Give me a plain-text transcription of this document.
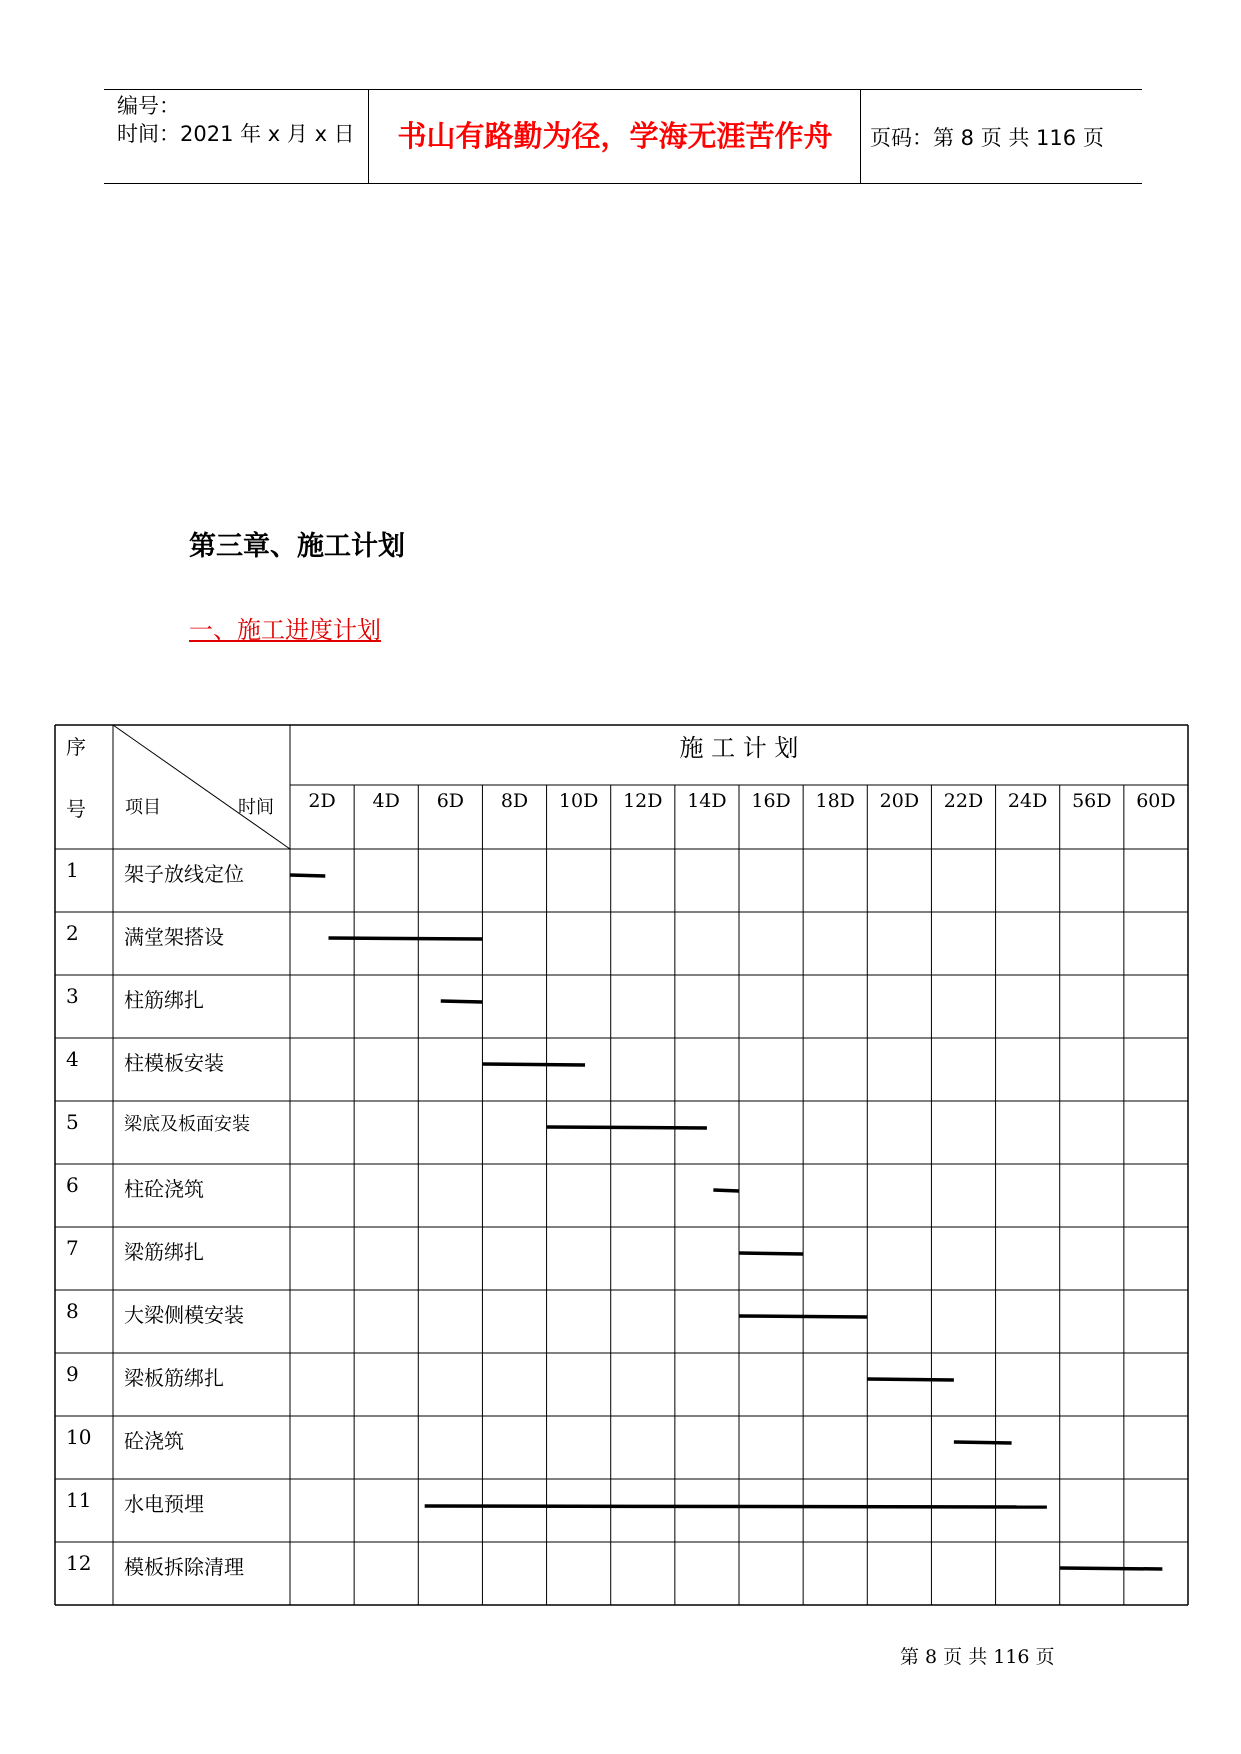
编号：
时间：2021 年 x 月 x 日	书山有路勤为径，学海无涯苦作舟	页码：第 8 页 共 116 页
第三章、施工计划
一、施工进度计划
序
号 项目	时间
施 工 计 划
2D	4D	6D	8D	10D	12D	14D	16D	18D	20D	22D	24D	56D	60D
1 架子放线定位
2 满堂架搭设
3 柱筋绑扎
4 柱模板安装
5	梁底及板面安装
6 柱砼浇筑
7 梁筋绑扎
8 大梁侧模安装
9 梁板筋绑扎
10 砼浇筑
11 水电预埋
12 模板拆除清理
第 8 页 共 116 页
